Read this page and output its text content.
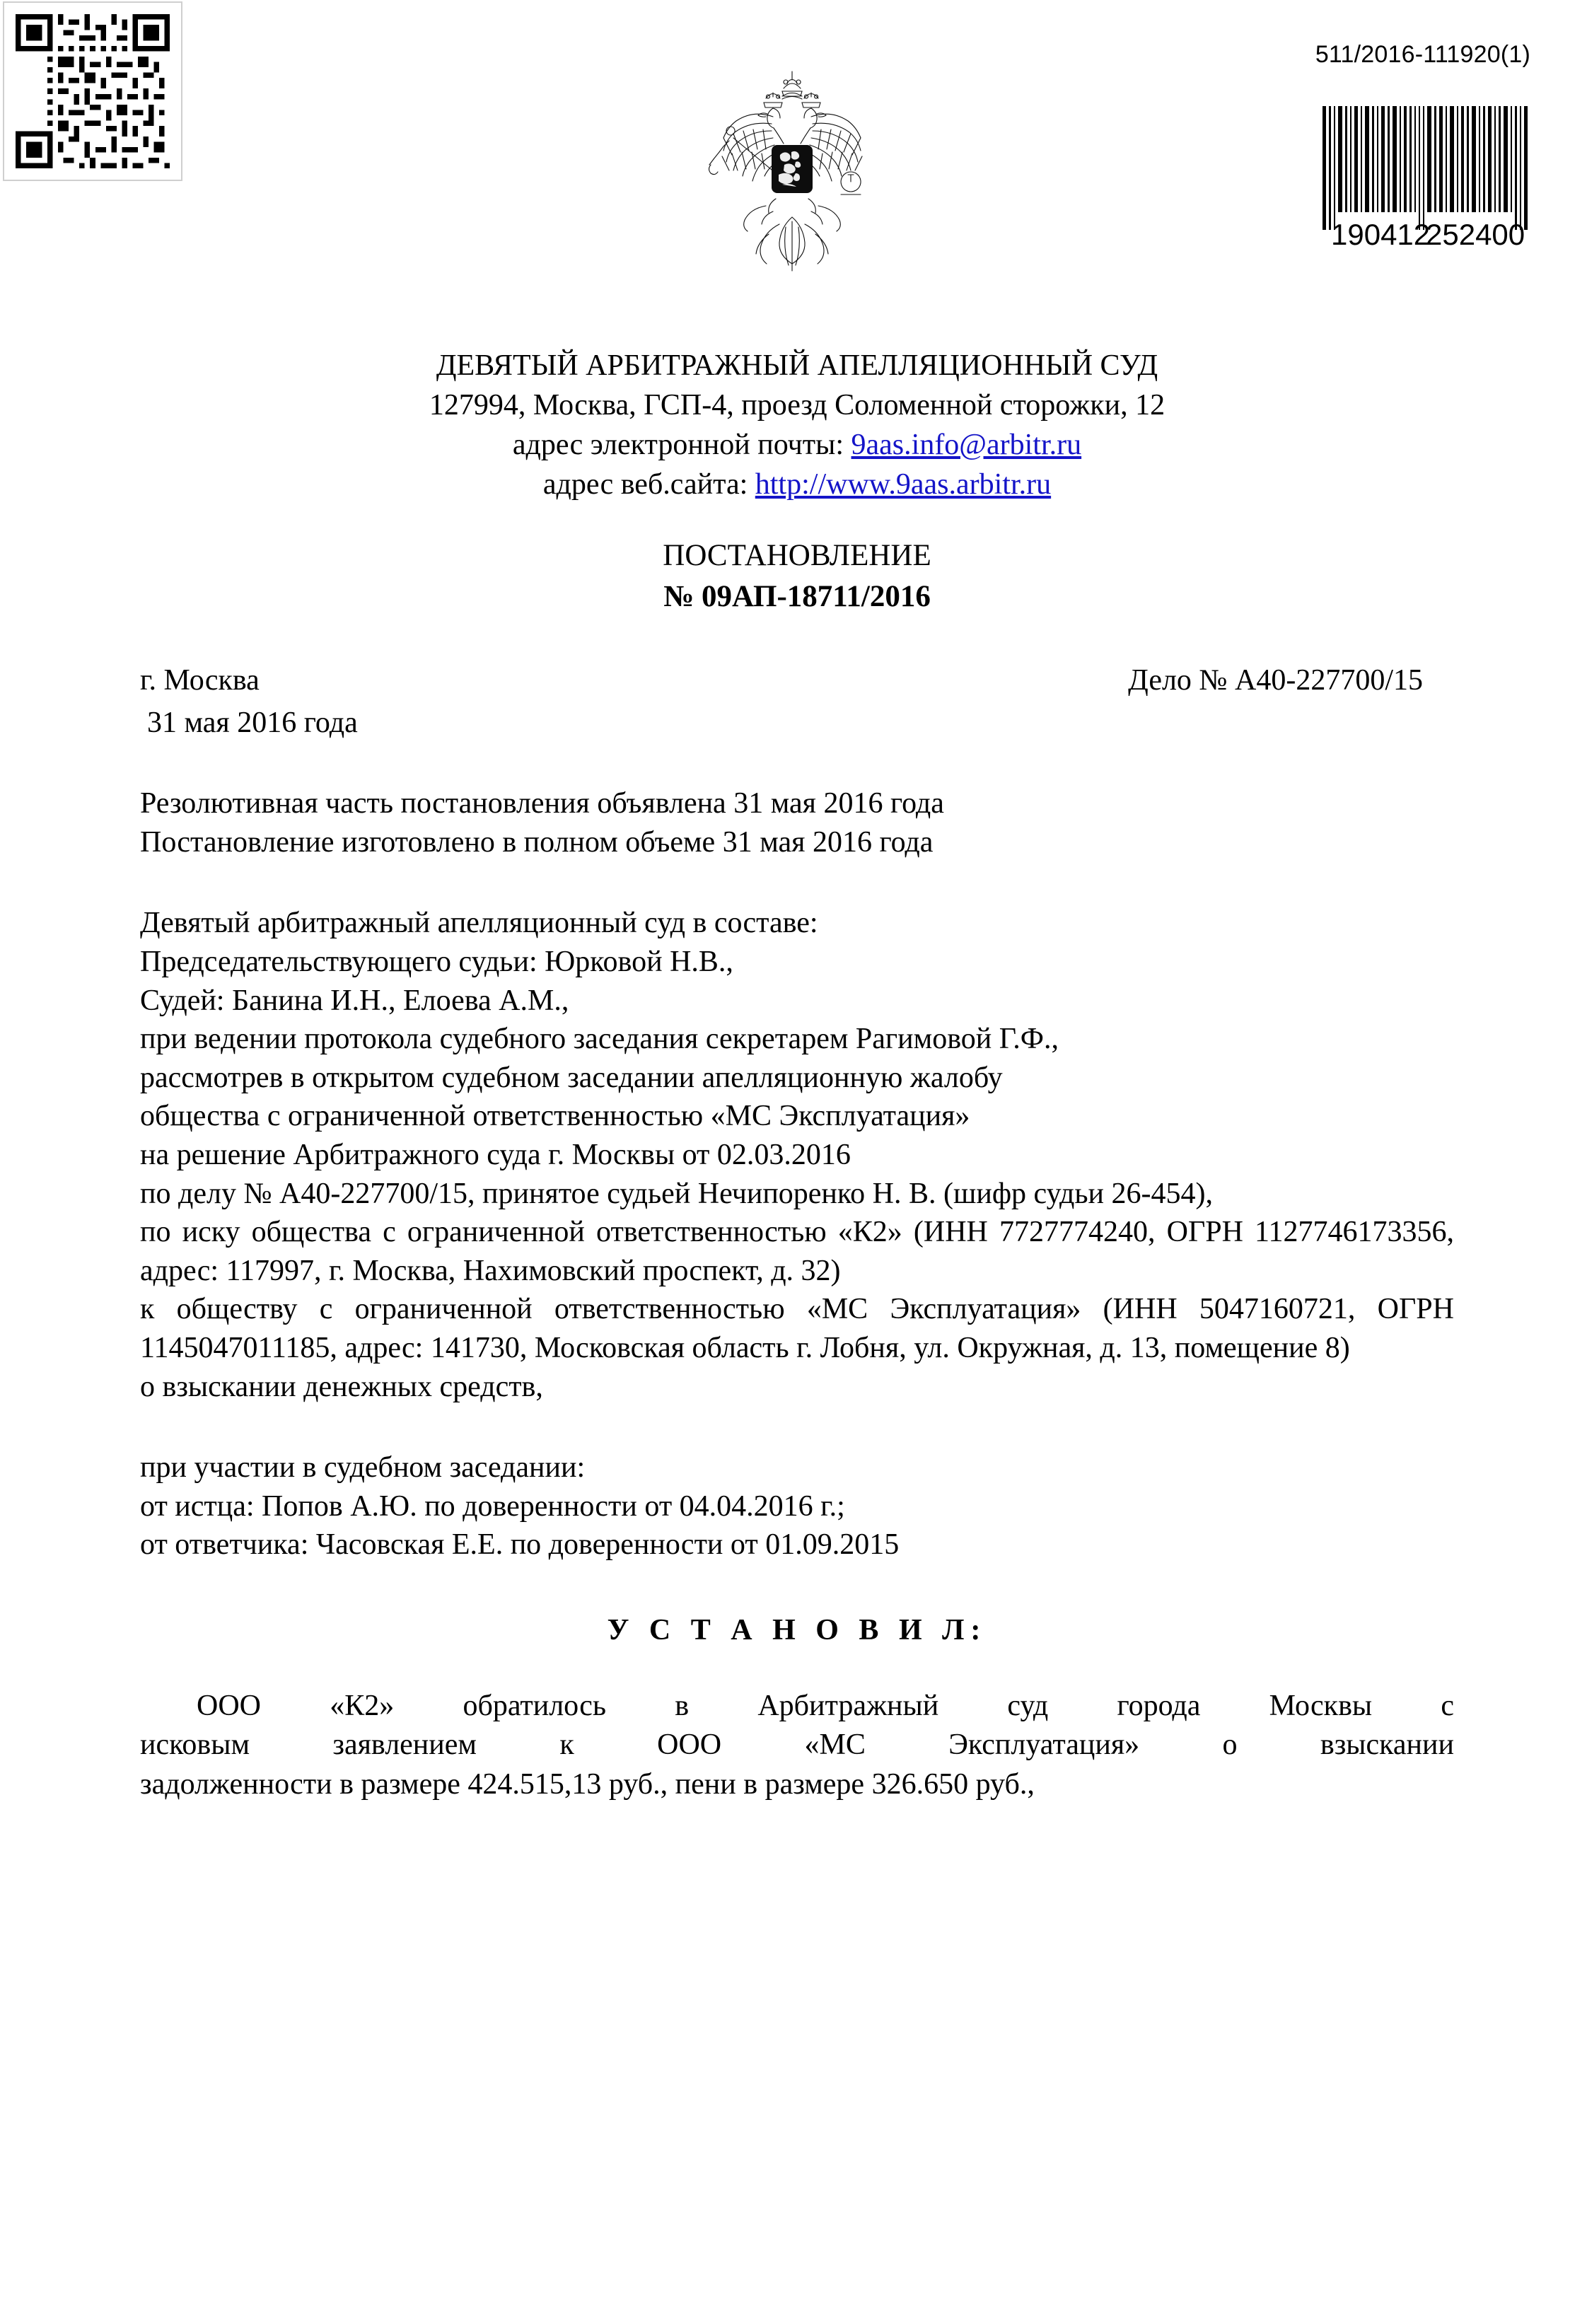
511/2016-111920(1)
190412
252400
ДЕВЯТЫЙ АРБИТРАЖНЫЙ АПЕЛЛЯЦИОННЫЙ СУД
127994, Москва, ГСП-4, проезд Соломенной сторожки, 12
адрес электронной почты: 9aas.info@arbitr.ru
адрес веб.сайта: http://www.9aas.arbitr.ru
ПОСТАНОВЛЕНИЕ
№ 09АП-18711/2016
г. Москва	Дело № А40-227700/15
31 мая 2016 года
Резолютивная часть постановления объявлена 31 мая 2016 года
Постановление изготовлено в полном объеме 31 мая 2016 года
Девятый арбитражный апелляционный суд в составе:
Председательствующего судьи: Юрковой Н.В.,
Судей: Банина И.Н., Елоева А.М.,
при ведении протокола судебного заседания секретарем Рагимовой Г.Ф.,
рассмотрев в открытом судебном заседании апелляционную жалобу
общества с ограниченной ответственностью «МС Эксплуатация»
на решение Арбитражного суда г. Москвы от 02.03.2016
по делу № А40-227700/15, принятое судьей Нечипоренко Н. В. (шифр судьи 26-454),
по иску общества с ограниченной ответственностью «К2» (ИНН 7727774240, ОГРН 1127746173356, адрес: 117997, г. Москва, Нахимовский проспект, д. 32)
к обществу с ограниченной ответственностью «МС Эксплуатация» (ИНН 5047160721, ОГРН 1145047011185, адрес: 141730, Московская область г. Лобня, ул. Окружная, д. 13, помещение 8)
о взыскании денежных средств,
при участии в судебном заседании:
от истца: Попов А.Ю. по доверенности от 04.04.2016 г.;
от ответчика: Часовская Е.Е. по доверенности от 01.09.2015
У С Т А Н О В И Л:
ООО «К2» обратилось в Арбитражный суд города Москвы с
исковым заявлением к ООО «МС Эксплуатация» о взыскании
задолженности в размере 424.515,13 руб., пени в размере 326.650 руб.,
